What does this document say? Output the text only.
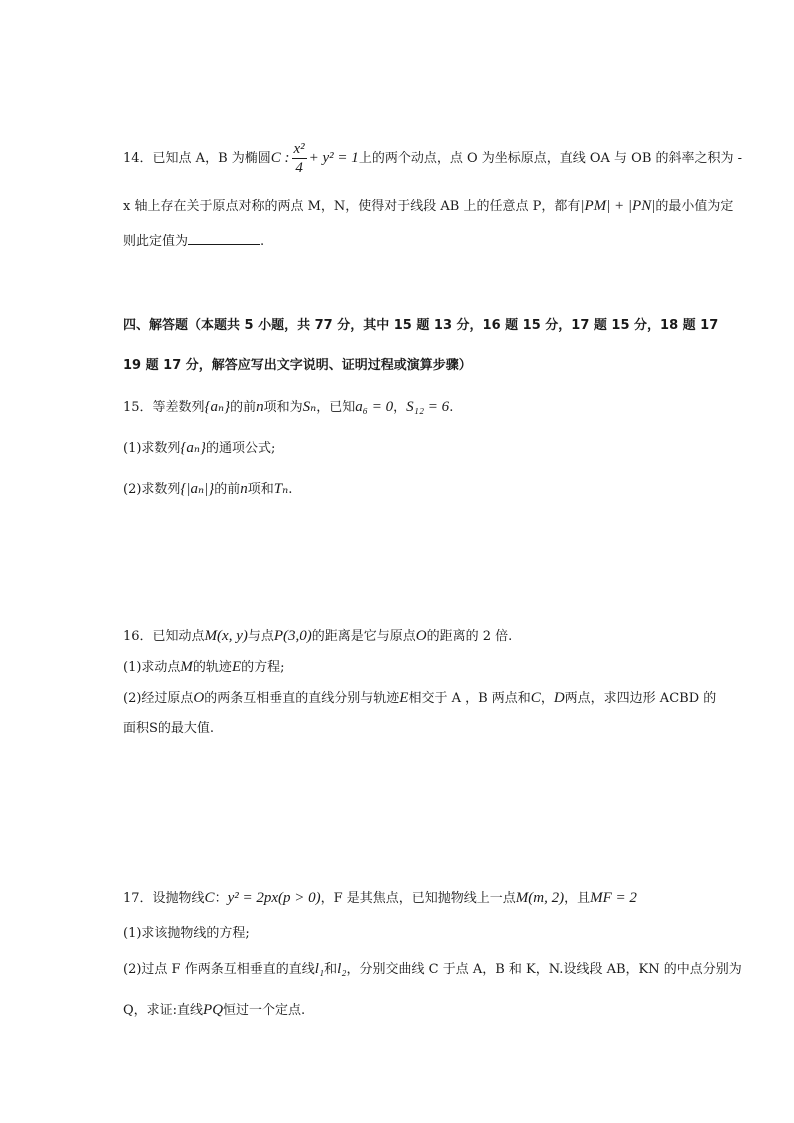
14．已知点 A，B 为椭圆C : $\frac{\text{x²}}{4} + y^2 = 1$上的两个动点，点 O 为坐标原点，直线 OA 与 OB 的斜率之积为 -
x 轴上存在关于原点对称的两点 M，N，使得对于线段 AB 上的任意点 P，都有|PM| + |PN|的最小值为定
则此定值为	.
四、解答题（本题共 5 小题，共 77 分，其中 15 题 13 分，16 题 15 分，17 题 15 分，18 题 17
19 题 17 分，解答应写出文字说明、证明过程或演算步骤）
15．等差数列{aₙ}的前n项和为Sₙ，已知a₆ = 0，S₁₂ = 6.
(1)求数列{aₙ}的通项公式;
(2)求数列{|aₙ|}的前n项和Tₙ.
16．已知动点M(x, y)与点P(3,0)的距离是它与原点O的距离的 2 倍.
(1)求动点M的轨迹E的方程;
(2)经过原点O的两条互相垂直的直线分别与轨迹E相交于 A ，B 两点和C，D两点，求四边形 ACBD 的
面积S的最大值.
17．设抛物线C：y² = 2px(p > 0)，F 是其焦点，已知抛物线上一点M(m, 2)，且MF = 2
(1)求该抛物线的方程;
(2)过点 F 作两条互相垂直的直线l₁和l₂，分别交曲线 C 于点 A，B 和 K，N.设线段 AB，KN 的中点分别为
Q，求证:直线PQ恒过一个定点.
